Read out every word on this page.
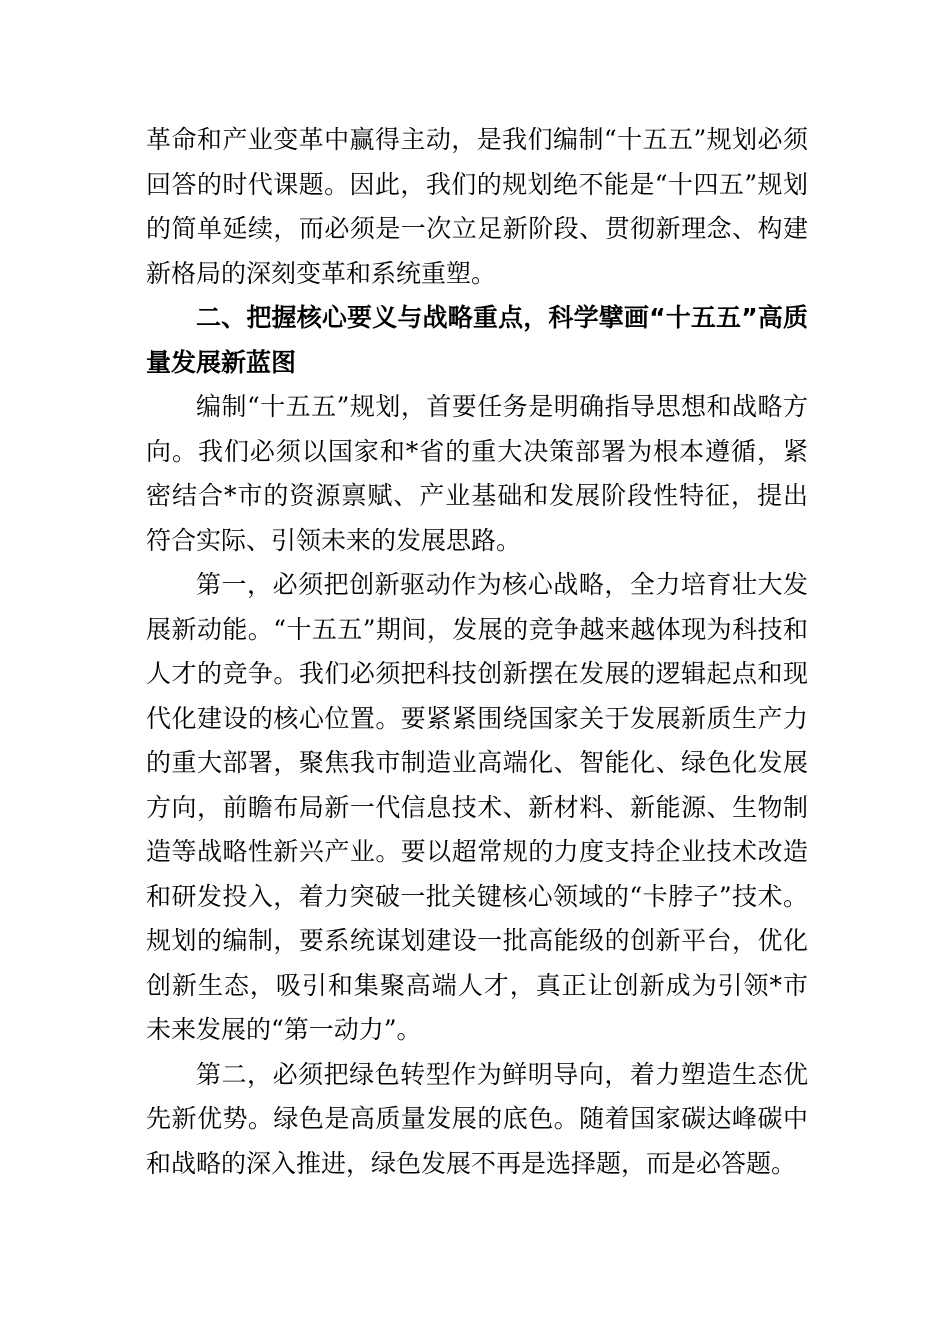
革命和产业变革中赢得主动，是我们编制“十五五”规划必须回答的时代课题。因此，我们的规划绝不能是“十四五”规划的简单延续，而必须是一次立足新阶段、贯彻新理念、构建新格局的深刻变革和系统重塑。

二、把握核心要义与战略重点，科学擘画“十五五”高质量发展新蓝图

编制“十五五”规划，首要任务是明确指导思想和战略方向。我们必须以国家和*省的重大决策部署为根本遵循，紧密结合*市的资源禀赋、产业基础和发展阶段性特征，提出符合实际、引领未来的发展思路。

第一，必须把创新驱动作为核心战略，全力培育壮大发展新动能。“十五五”期间，发展的竞争越来越体现为科技和人才的竞争。我们必须把科技创新摆在发展的逻辑起点和现代化建设的核心位置。要紧紧围绕国家关于发展新质生产力的重大部署，聚焦我市制造业高端化、智能化、绿色化发展方向，前瞻布局新一代信息技术、新材料、新能源、生物制造等战略性新兴产业。要以超常规的力度支持企业技术改造和研发投入，着力突破一批关键核心领域的“卡脖子”技术。规划的编制，要系统谋划建设一批高能级的创新平台，优化创新生态，吸引和集聚高端人才，真正让创新成为引领*市未来发展的“第一动力”。

第二，必须把绿色转型作为鲜明导向，着力塑造生态优先新优势。绿色是高质量发展的底色。随着国家碳达峰碳中和战略的深入推进，绿色发展不再是选择题，而是必答题。
